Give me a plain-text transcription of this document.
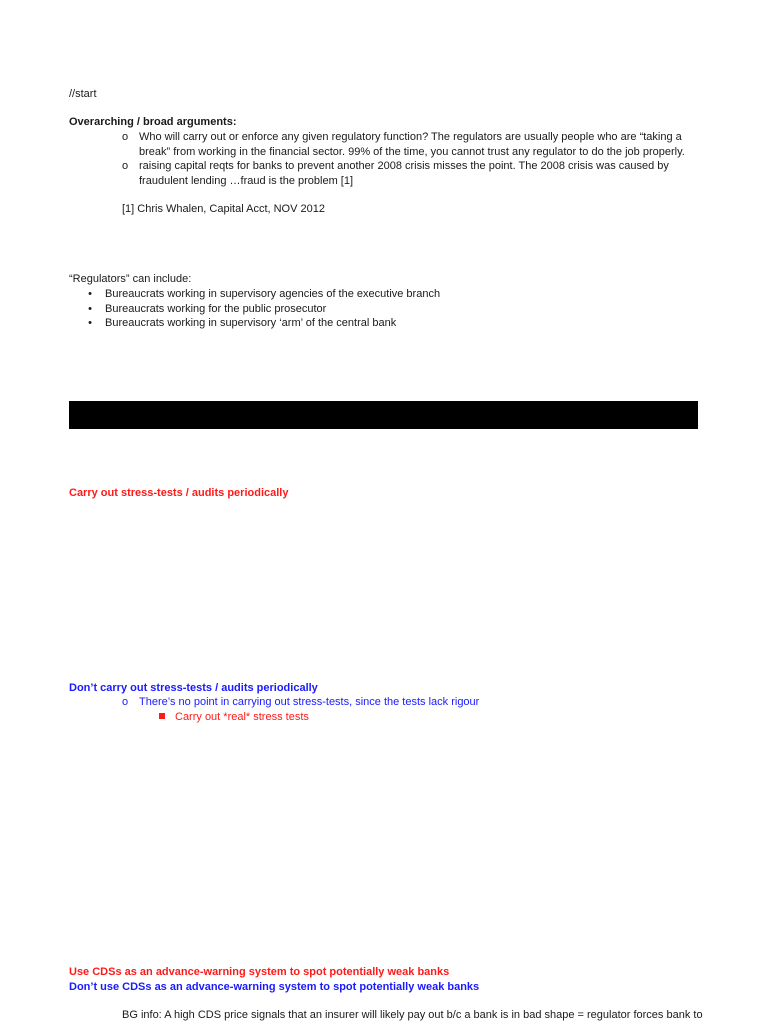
//start
Overarching / broad arguments:
o Who will carry out or enforce any given regulatory function? The regulators are usually people who are “taking a
break” from working in the financial sector. 99% of the time, you cannot trust any regulator to do the job properly.
o raising capital reqts for banks to prevent another 2008 crisis misses the point. The 2008 crisis was caused by
fraudulent lending …fraud is the problem [1]
[1] Chris Whalen, Capital Acct, NOV 2012
“Regulators” can include:
• Bureaucrats working in supervisory agencies of the executive branch
• Bureaucrats working for the public prosecutor
• Bureaucrats working in supervisory ‘arm’ of the central bank
Carry out stress-tests / audits periodically
Don’t carry out stress-tests / audits periodically
o There’s no point in carrying out stress-tests, since the tests lack rigour
Carry out *real* stress tests
Use CDSs as an advance-warning system to spot potentially weak banks
Don’t use CDSs as an advance-warning system to spot potentially weak banks
BG info: A high CDS price signals that an insurer will likely pay out b/c a bank is in bad shape = regulator forces bank to
